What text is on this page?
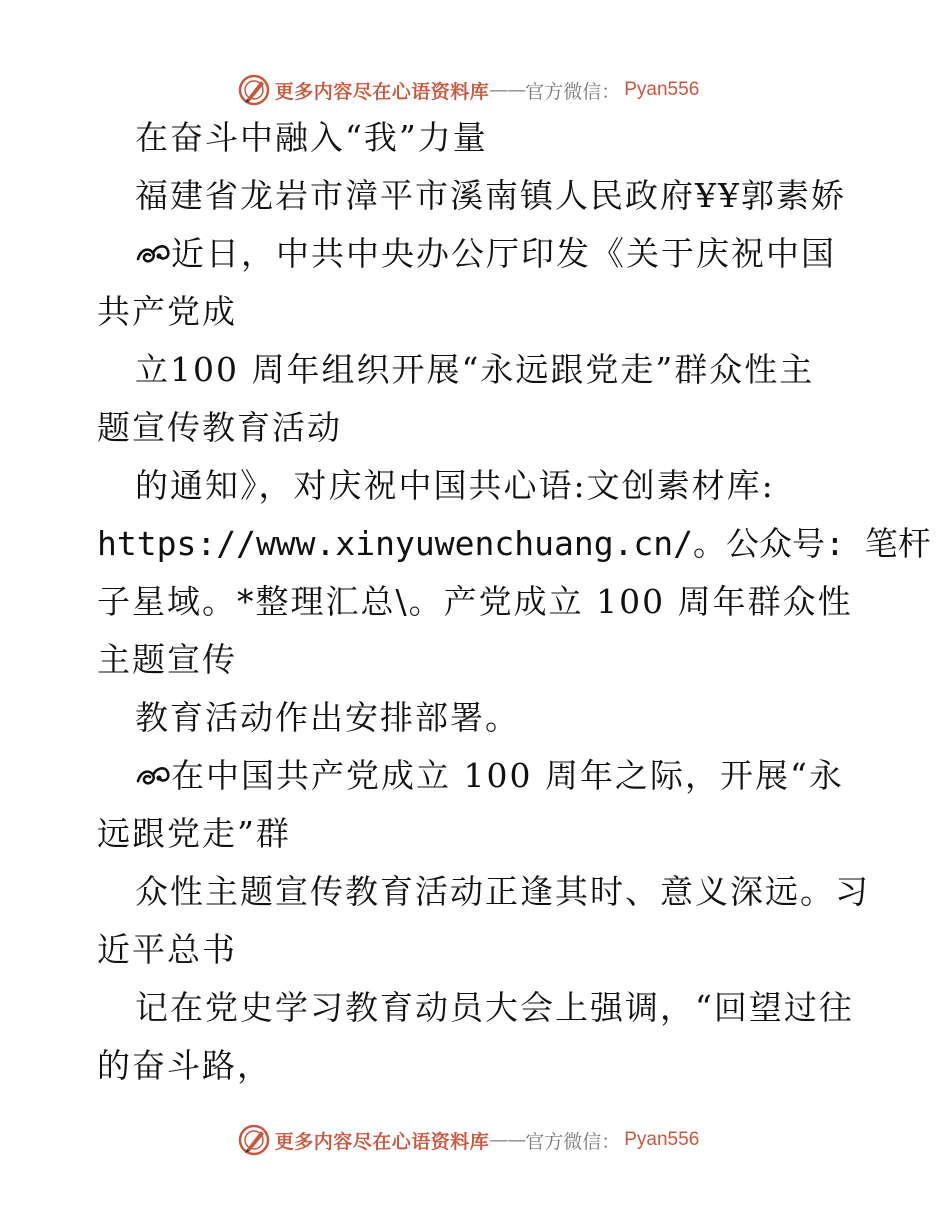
更多内容尽在心语资料库 —— 官方微信： Pyan556
在奋斗中融入“我”力量
福建省龙岩市漳平市溪南镇人民政府¥¥郭素娇
近日，中共中央办公厅印发《关于庆祝中国
共产党成
立100 周年组织开展“永远跟党走”群众性主
题宣传教育活动
的通知》，对庆祝中国共心语:文创素材库:
https://www.xinyuwenchuang.cn/。公众号: 笔杆
子星域。*整理汇总\。产党成立 100 周年群众性
主题宣传
教育活动作出安排部署。
在中国共产党成立 100 周年之际，开展“永
远跟党走”群
众性主题宣传教育活动正逢其时、意义深远。习
近平总书
记在党史学习教育动员大会上强调，“回望过往
的奋斗路，
更多内容尽在心语资料库 —— 官方微信： Pyan556
